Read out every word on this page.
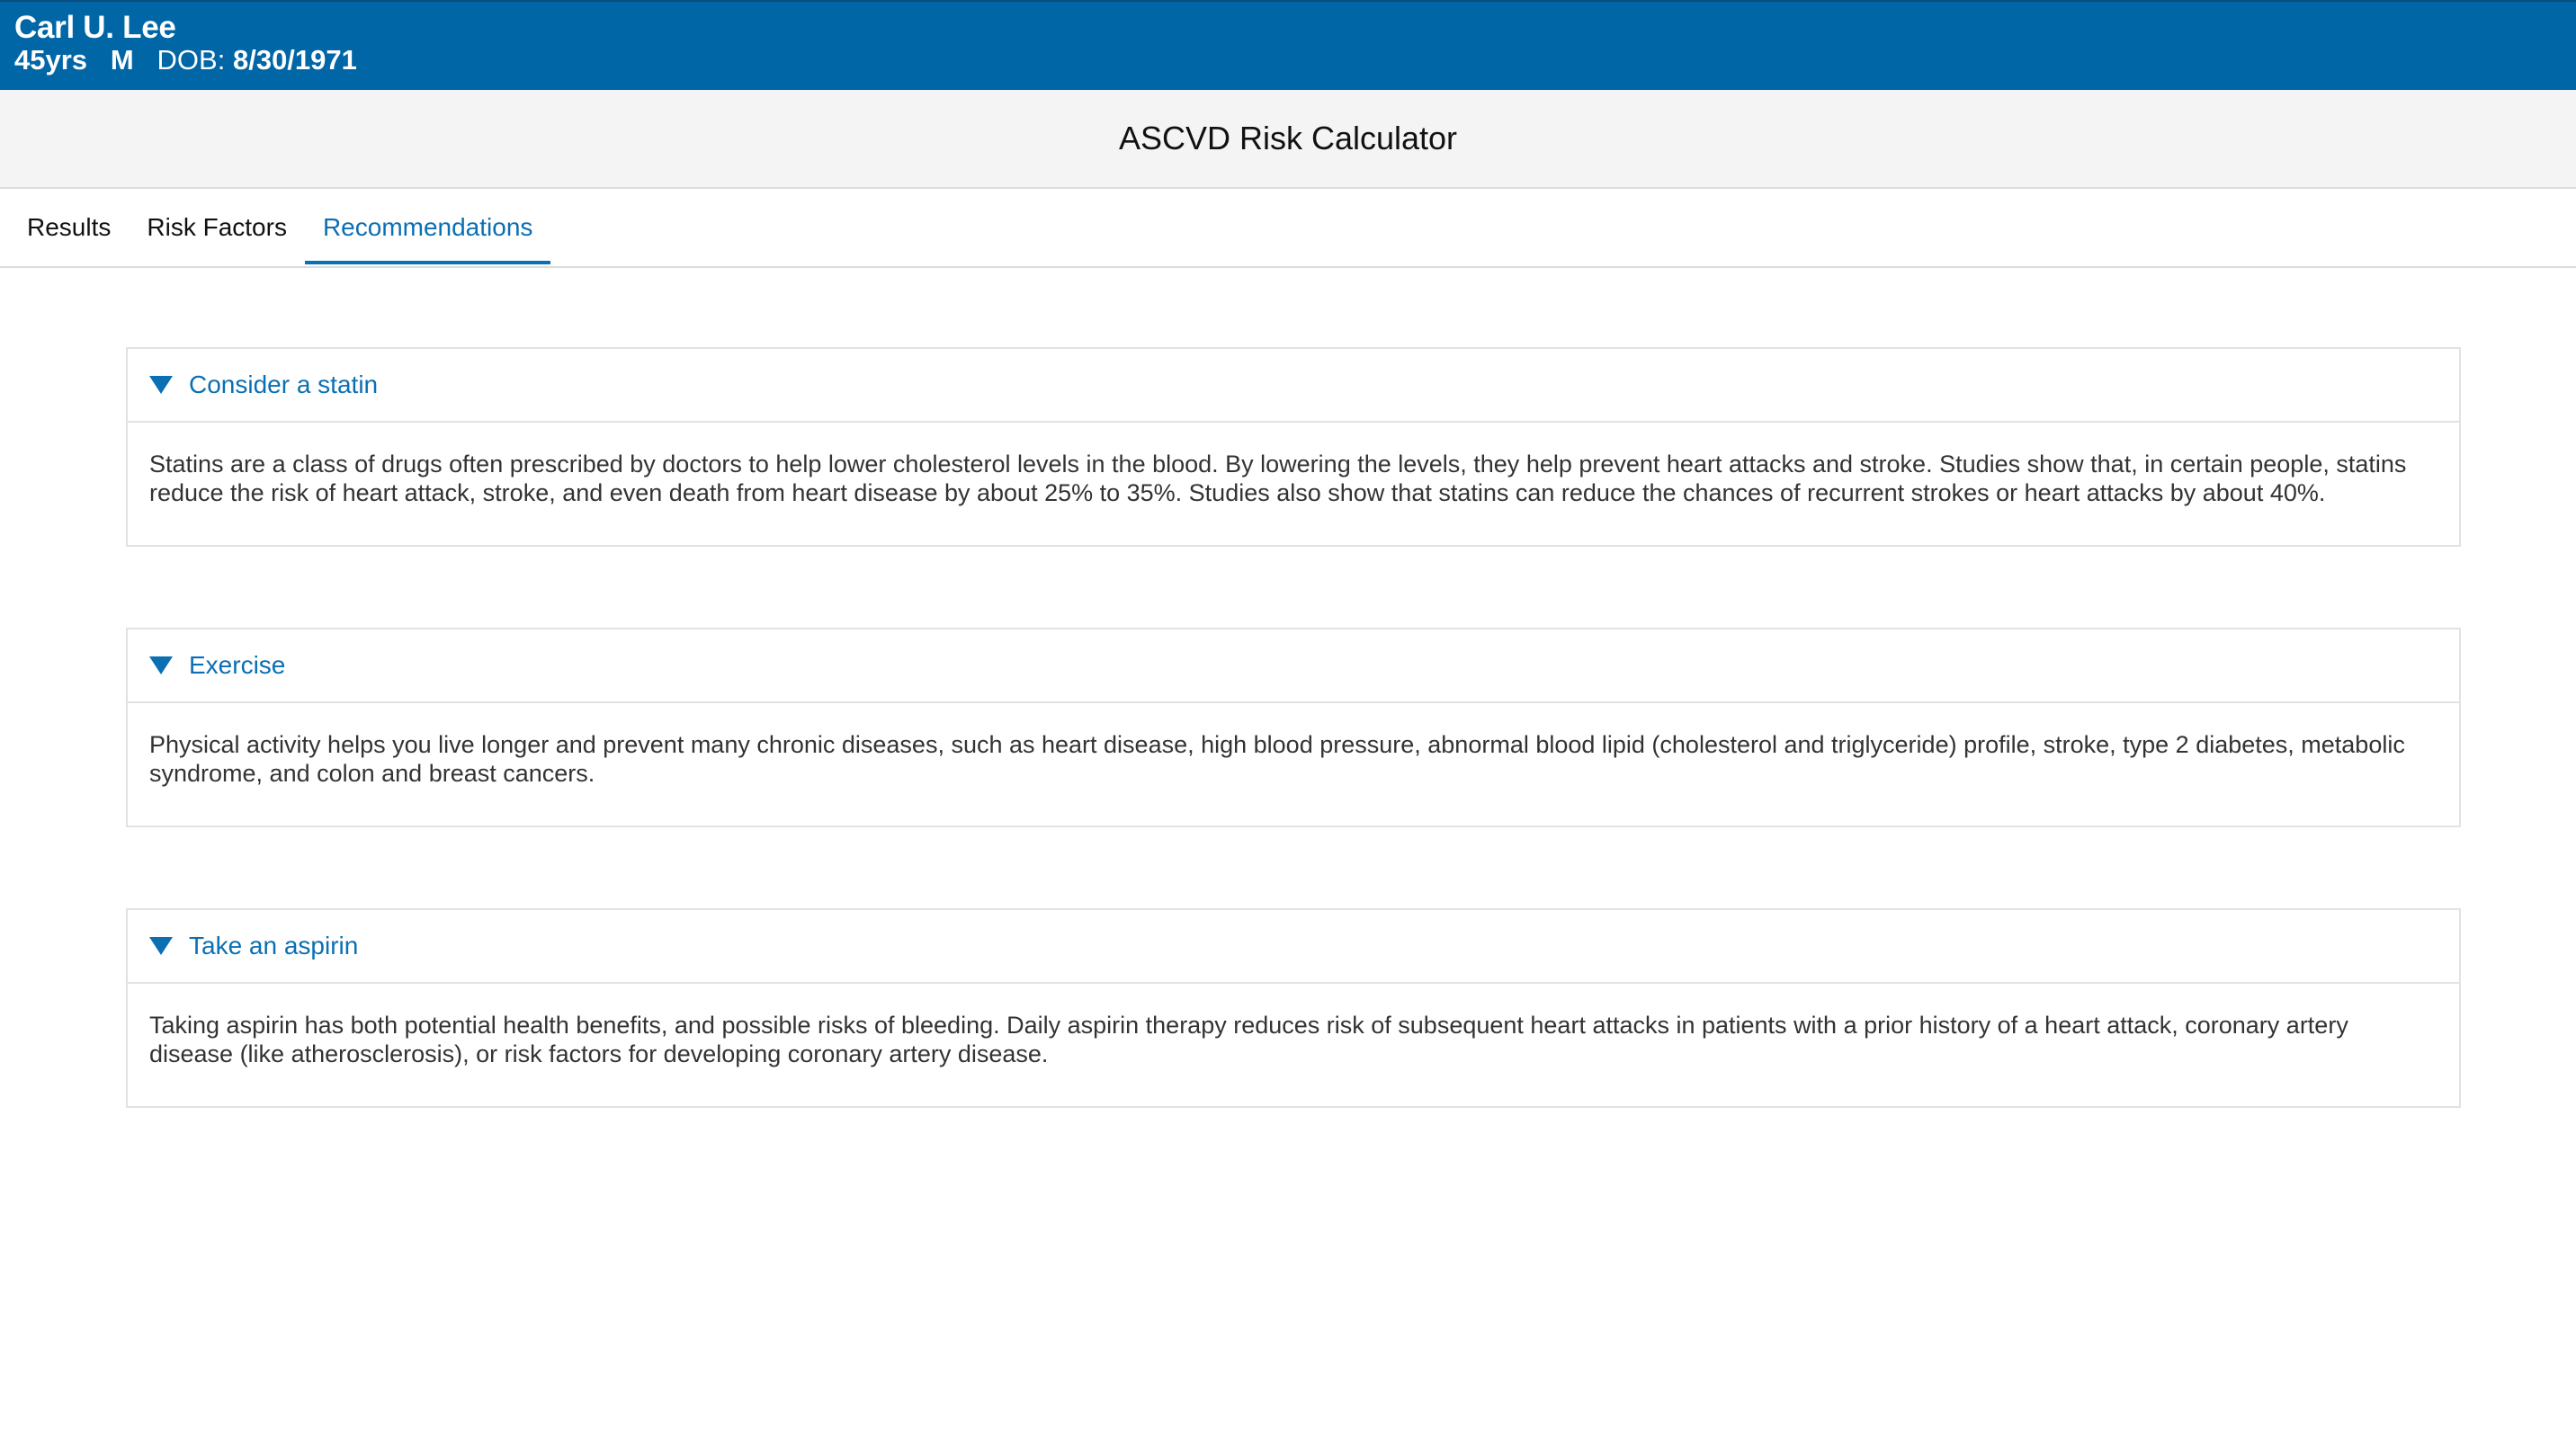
Carl U. Lee
45yrs
M
DOB:
8/30/1971
ASCVD Risk Calculator
Results	Risk Factors	Recommendations
Consider a statin
Statins are a class of drugs often prescribed by doctors to help lower cholesterol levels in the blood. By lowering the levels, they help prevent heart attacks and stroke. Studies show that, in certain people, statins reduce the risk of heart attack, stroke, and even death from heart disease by about 25% to 35%. Studies also show that statins can reduce the chances of recurrent strokes or heart attacks by about 40%.
Exercise
Physical activity helps you live longer and prevent many chronic diseases, such as heart disease, high blood pressure, abnormal blood lipid (cholesterol and triglyceride) profile, stroke, type 2 diabetes, metabolic syndrome, and colon and breast cancers.
Take an aspirin
Taking aspirin has both potential health benefits, and possible risks of bleeding. Daily aspirin therapy reduces risk of subsequent heart attacks in patients with a prior history of a heart attack, coronary artery disease (like atherosclerosis), or risk factors for developing coronary artery disease.
